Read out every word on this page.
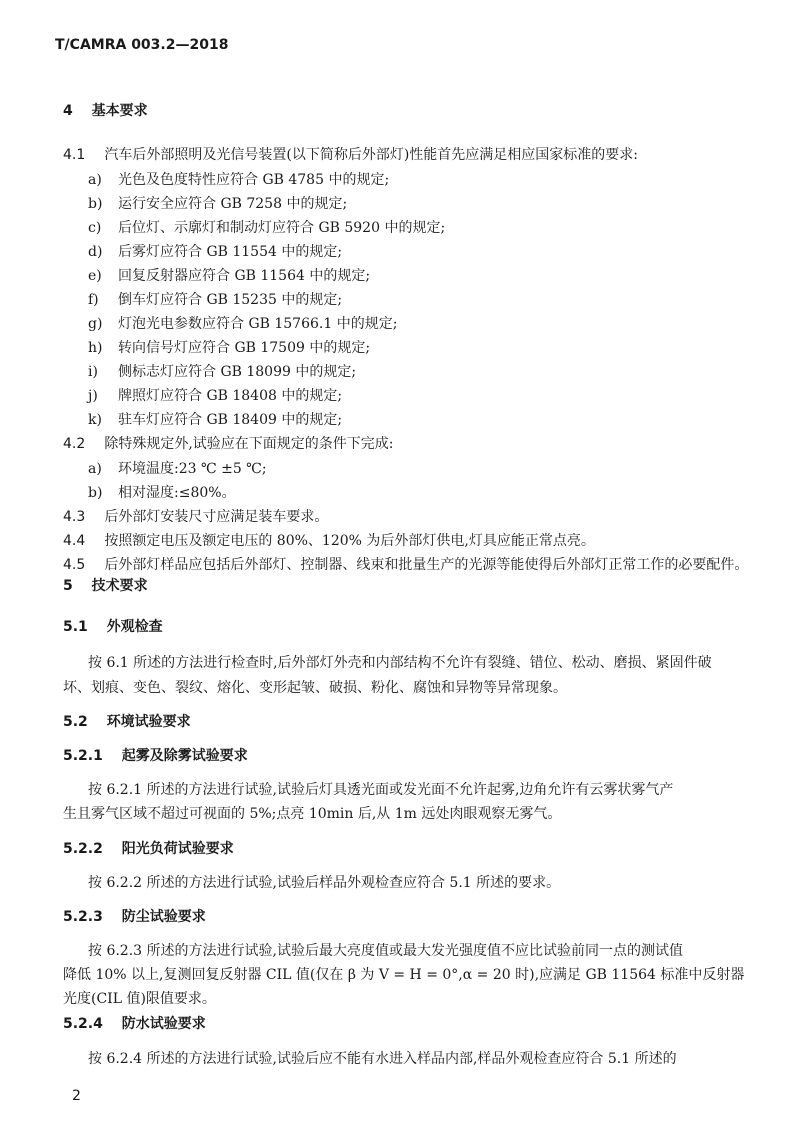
T/CAMRA 003.2—2018
4 基本要求
4.1 汽车后外部照明及光信号装置(以下简称后外部灯)性能首先应满足相应国家标准的要求:
a) 光色及色度特性应符合 GB 4785 中的规定;
b) 运行安全应符合 GB 7258 中的规定;
c) 后位灯、示廓灯和制动灯应符合 GB 5920 中的规定;
d) 后雾灯应符合 GB 11554 中的规定;
e) 回复反射器应符合 GB 11564 中的规定;
f) 倒车灯应符合 GB 15235 中的规定;
g) 灯泡光电参数应符合 GB 15766.1 中的规定;
h) 转向信号灯应符合 GB 17509 中的规定;
i) 侧标志灯应符合 GB 18099 中的规定;
j) 牌照灯应符合 GB 18408 中的规定;
k) 驻车灯应符合 GB 18409 中的规定;
4.2 除特殊规定外,试验应在下面规定的条件下完成:
a) 环境温度:23 ℃ ±5 ℃;
b) 相对湿度:≤80%。
4.3 后外部灯安装尺寸应满足装车要求。
4.4 按照额定电压及额定电压的 80%、120% 为后外部灯供电,灯具应能正常点亮。
4.5 后外部灯样品应包括后外部灯、控制器、线束和批量生产的光源等能使得后外部灯正常工作的必要配件。
5 技术要求
5.1 外观检查
按 6.1 所述的方法进行检查时,后外部灯外壳和内部结构不允许有裂缝、错位、松动、磨损、紧固件破
坏、划痕、变色、裂纹、熔化、变形起皱、破损、粉化、腐蚀和异物等异常现象。
5.2 环境试验要求
5.2.1 起雾及除雾试验要求
按 6.2.1 所述的方法进行试验,试验后灯具透光面或发光面不允许起雾,边角允许有云雾状雾气产
生且雾气区域不超过可视面的 5%;点亮 10min 后,从 1m 远处肉眼观察无雾气。
5.2.2 阳光负荷试验要求
按 6.2.2 所述的方法进行试验,试验后样品外观检查应符合 5.1 所述的要求。
5.2.3 防尘试验要求
按 6.2.3 所述的方法进行试验,试验后最大亮度值或最大发光强度值不应比试验前同一点的测试值
降低 10% 以上,复测回复反射器 CIL 值(仅在 β 为 V = H = 0°,α = 20 时),应满足 GB 11564 标准中反射器
光度(CIL 值)限值要求。
5.2.4 防水试验要求
按 6.2.4 所述的方法进行试验,试验后应不能有水进入样品内部,样品外观检查应符合 5.1 所述的
2
